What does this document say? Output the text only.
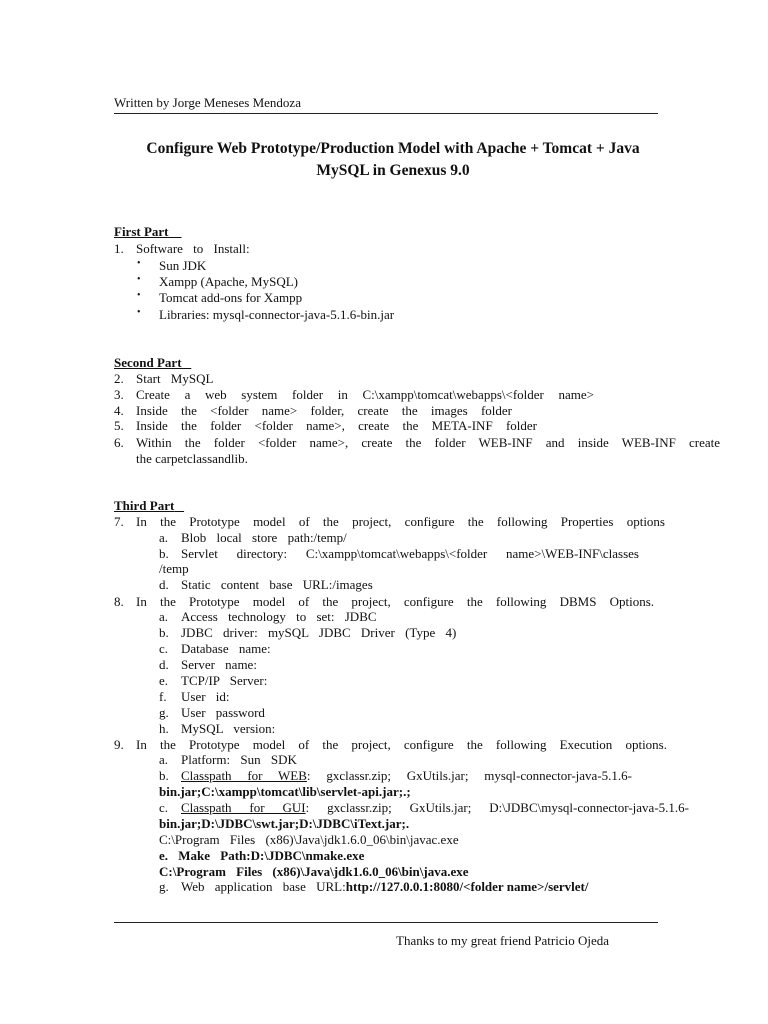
Written by Jorge Meneses Mendoza
Configure Web Prototype/Production Model with Apache + Tomcat + Java
MySQL in Genexus 9.0
First Part
1. Software to Install:
• Sun JDK
• Xampp (Apache, MySQL)
• Tomcat add-ons for Xampp
• Libraries: mysql-connector-java-5.1.6-bin.jar
Second Part
2. Start MySQL
3. Create a web system folder in C:\xampp\tomcat\webapps\<folder name>
4. Inside the <folder name> folder, create the images folder
5. Inside the folder <folder name>, create the META-INF folder
6. Within the folder <folder name>, create the folder WEB-INF and inside WEB-INF create
the carpetclassandlib.
Third Part
7. In the Prototype model of the project, configure the following Properties options
a. Blob local store path:/temp/
b. Servlet directory: C:\xampp\tomcat\webapps\<folder name>\WEB-INF\classes
/temp
d. Static content base URL:/images
8. In the Prototype model of the project, configure the following DBMS Options.
a. Access technology to set: JDBC
b. JDBC driver: mySQL JDBC Driver (Type 4)
c. Database name:
d. Server name:
e. TCP/IP Server:
f. User id:
g. User password
h. MySQL version:
9. In the Prototype model of the project, configure the following Execution options.
a. Platform: Sun SDK
b. Classpath for WEB: gxclassr.zip; GxUtils.jar; mysql-connector-java-5.1.6-
bin.jar;C:\xampp\tomcat\lib\servlet-api.jar;.;
c. Classpath for GUI: gxclassr.zip; GxUtils.jar; D:\JDBC\mysql-connector-java-5.1.6-
bin.jar;D:\JDBC\swt.jar;D:\JDBC\iText.jar;.
C:\Program Files (x86)\Java\jdk1.6.0_06\bin\javac.exe
e. Make Path:D:\JDBC\nmake.exe
C:\Program Files (x86)\Java\jdk1.6.0_06\bin\java.exe
g. Web application base URL:http://127.0.0.1:8080/<folder name>/servlet/
Thanks to my great friend Patricio Ojeda
